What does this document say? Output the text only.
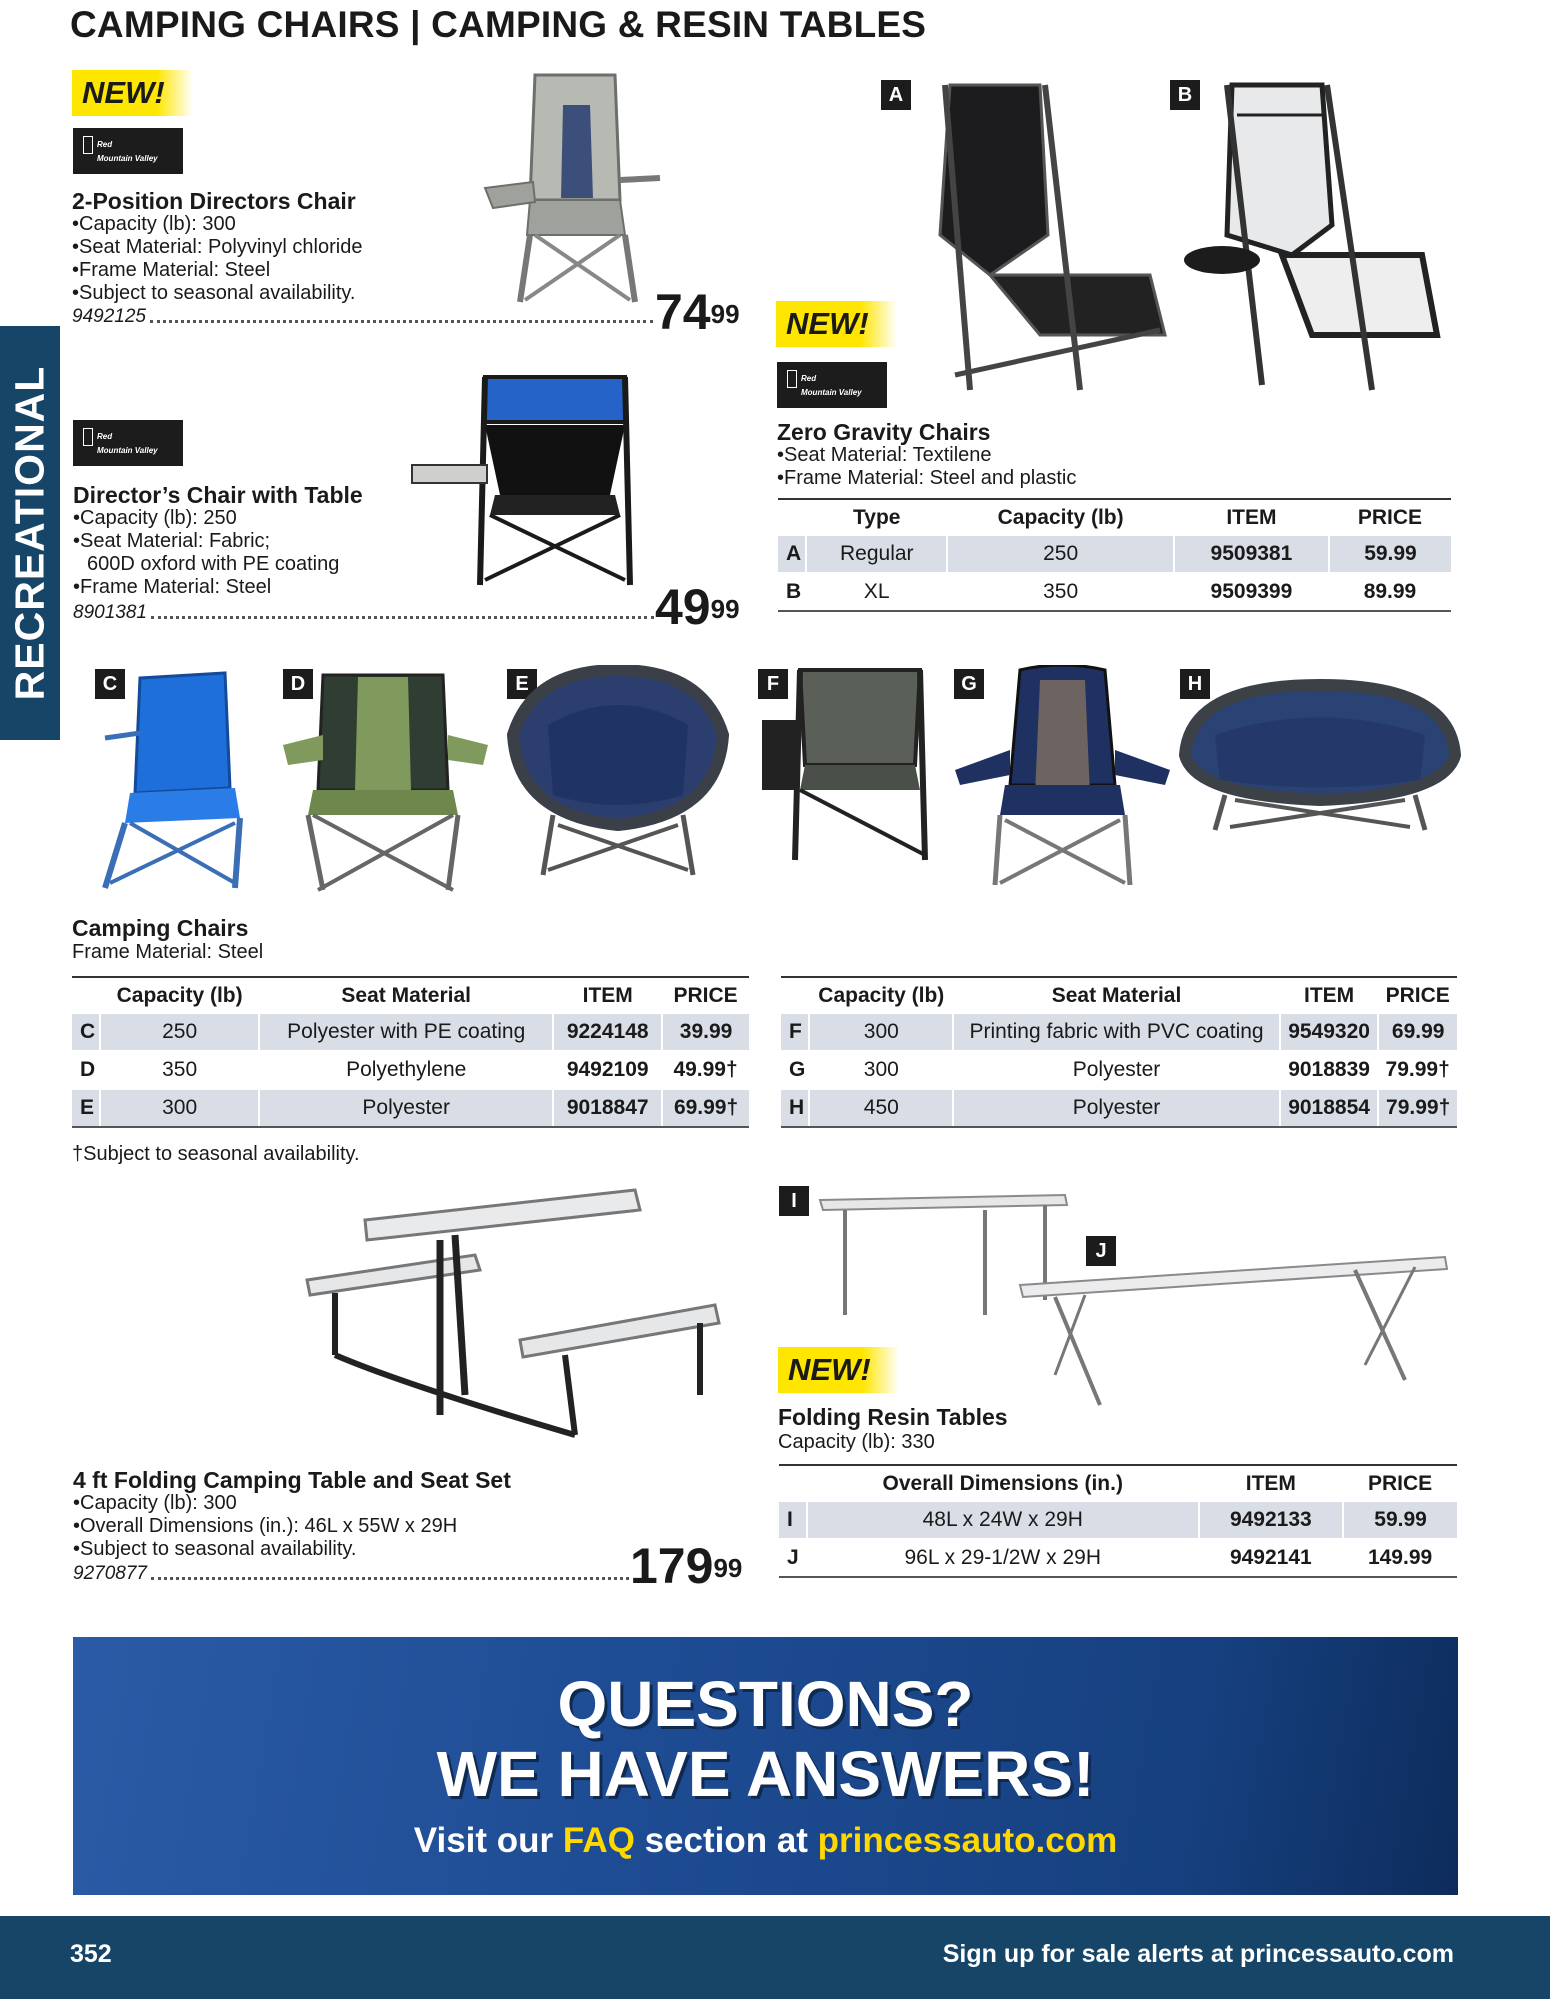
CAMPING CHAIRS | CAMPING & RESIN TABLES
RECREATIONAL
NEW!
Red
Mountain Valley
2-Position Directors Chair
•Capacity (lb): 300
•Seat Material: Polyvinyl chloride
•Frame Material: Steel
•Subject to seasonal availability.
9492125	$74^{99}$
Red
Mountain Valley
Director’s Chair with Table
•Capacity (lb): 250
•Seat Material: Fabric;
600D oxford with PE coating
•Frame Material: Steel
8901381	$49^{99}$
A	B
NEW!
Red
Mountain Valley
Zero Gravity Chairs
•Seat Material: Textilene
•Frame Material: Steel and plastic
	Type	Capacity (lb)	ITEM	PRICE
A	Regular	250	9509381	59.99
B	XL	350	9509399	89.99
C	D	E	F	G	H
Camping Chairs
Frame Material: Steel
	Capacity (lb)	Seat Material	ITEM	PRICE
C	250	Polyester with PE coating	9224148	39.99
D	350	Polyethylene	9492109	49.99†
E	300	Polyester	9018847	69.99†
	Capacity (lb)	Seat Material	ITEM	PRICE
F	300	Printing fabric with PVC coating	9549320	69.99
G	300	Polyester	9018839	79.99†
H	450	Polyester	9018854	79.99†
†Subject to seasonal availability.
4 ft Folding Camping Table and Seat Set
•Capacity (lb): 300
•Overall Dimensions (in.): 46L x 55W x 29H
•Subject to seasonal availability.
9270877	$179^{99}$
I
J
NEW!
Folding Resin Tables
Capacity (lb): 330
	Overall Dimensions (in.)	ITEM	PRICE
I	48L x 24W x 29H	9492133	59.99
J	96L x 29-1/2W x 29H	9492141	149.99
QUESTIONS?
WE HAVE ANSWERS!
Visit our FAQ section at princessauto.com
352	Sign up for sale alerts at princessauto.com
